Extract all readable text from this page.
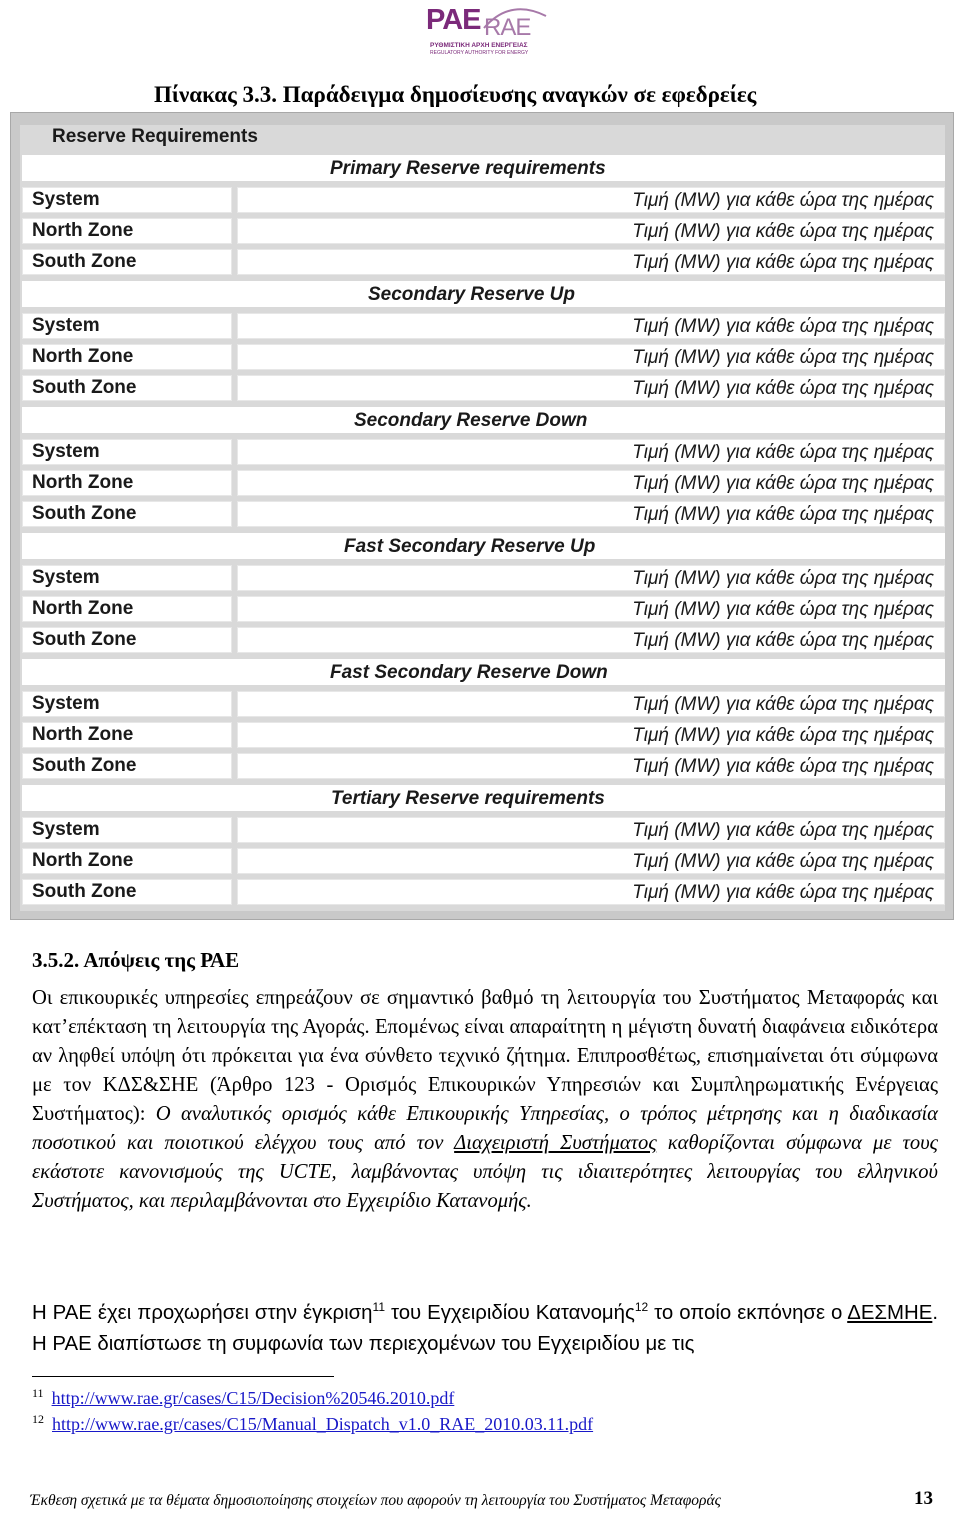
PAE RAE
ΡΥΘΜΙΣΤΙΚΗ ΑΡΧΗ ΕΝΕΡΓΕΙΑΣ
REGULATORY AUTHORITY FOR ENERGY
Πίνακας 3.3. Παράδειγμα δημοσίευσης αναγκών σε εφεδρείες
Reserve Requirements
Primary Reserve requirements
System	Τιμή (MW) για κάθε ώρα της ημέρας
North Zone	Τιμή (MW) για κάθε ώρα της ημέρας
South Zone	Τιμή (MW) για κάθε ώρα της ημέρας
Secondary Reserve Up
System	Τιμή (MW) για κάθε ώρα της ημέρας
North Zone	Τιμή (MW) για κάθε ώρα της ημέρας
South Zone	Τιμή (MW) για κάθε ώρα της ημέρας
Secondary Reserve Down
System	Τιμή (MW) για κάθε ώρα της ημέρας
North Zone	Τιμή (MW) για κάθε ώρα της ημέρας
South Zone	Τιμή (MW) για κάθε ώρα της ημέρας
Fast Secondary Reserve Up
System	Τιμή (MW) για κάθε ώρα της ημέρας
North Zone	Τιμή (MW) για κάθε ώρα της ημέρας
South Zone	Τιμή (MW) για κάθε ώρα της ημέρας
Fast Secondary Reserve Down
System	Τιμή (MW) για κάθε ώρα της ημέρας
North Zone	Τιμή (MW) για κάθε ώρα της ημέρας
South Zone	Τιμή (MW) για κάθε ώρα της ημέρας
Tertiary Reserve requirements
System	Τιμή (MW) για κάθε ώρα της ημέρας
North Zone	Τιμή (MW) για κάθε ώρα της ημέρας
South Zone	Τιμή (MW) για κάθε ώρα της ημέρας
3.5.2. Απόψεις της ΡΑΕ

Οι επικουρικές υπηρεσίες επηρεάζουν σε σημαντικό βαθμό τη λειτουργία του Συστήματος Μεταφοράς και κατ’επέκταση τη λειτουργία της Αγοράς. Επομένως είναι απαραίτητη η μέγιστη δυνατή διαφάνεια ειδικότερα αν ληφθεί υπόψη ότι πρόκειται για ένα σύνθετο τεχνικό ζήτημα. Επιπροσθέτως, επισημαίνεται ότι σύμφωνα με τον ΚΔΣ&ΣΗΕ (Άρθρο 123 - Ορισμός Επικουρικών Υπηρεσιών και Συμπληρωματικής Ενέργειας Συστήματος): Ο αναλυτικός ορισμός κάθε Επικουρικής Υπηρεσίας, ο τρόπος μέτρησης και η διαδικασία ποσοτικού και ποιοτικού ελέγχου τους από τον Διαχειριστή Συστήματος καθορίζονται σύμφωνα με τους εκάστοτε κανονισμούς της UCTE, λαμβάνοντας υπόψη τις ιδιαιτερότητες λειτουργίας του ελληνικού Συστήματος, και περιλαμβάνονται στο Εγχειρίδιο Κατανομής.

Η ΡΑΕ έχει προχωρήσει στην έγκριση$^{11}$ του Εγχειριδίου Κατανομής$^{12}$ το οποίο εκπόνησε ο ΔΕΣΜΗΕ. Η ΡΑΕ διαπίστωσε τη συμφωνία των περιεχομένων του Εγχειριδίου με τις

$^{11}$ http://www.rae.gr/cases/C15/Decision%20546.2010.pdf
$^{12}$ http://www.rae.gr/cases/C15/Manual_Dispatch_v1.0_RAE_2010.03.11.pdf
Έκθεση σχετικά με τα θέματα δημοσιοποίησης στοιχείων που αφορούν τη λειτουργία του Συστήματος Μεταφοράς	13
